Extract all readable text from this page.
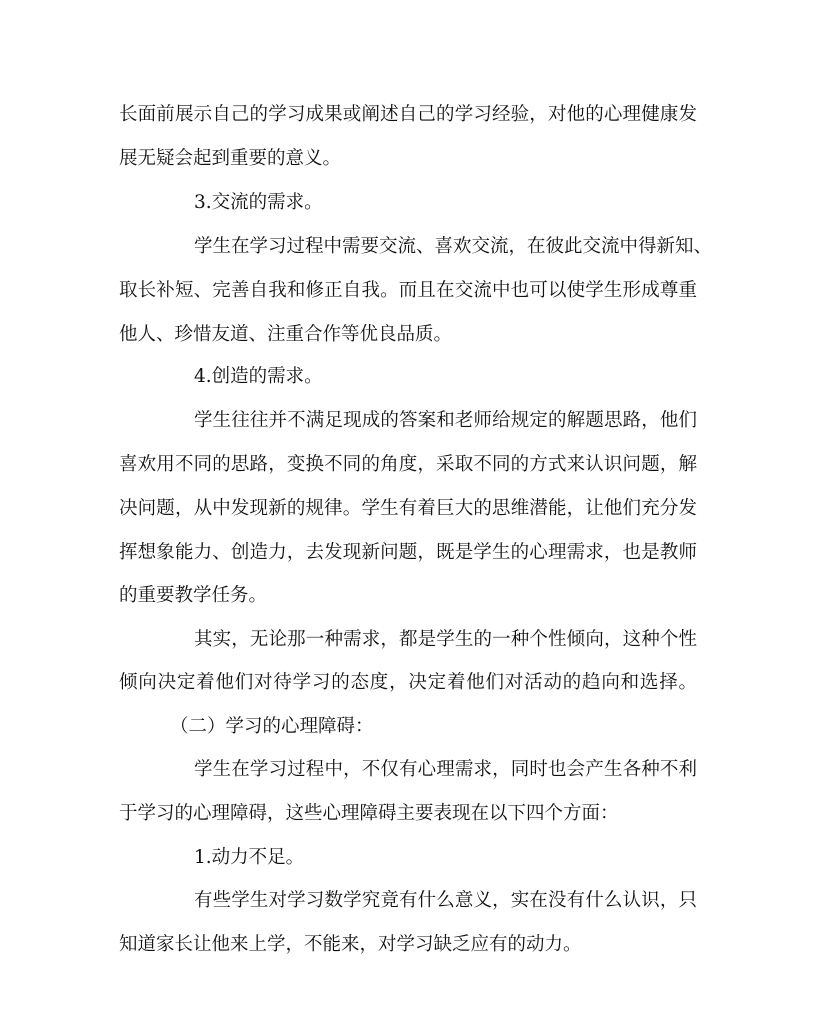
长面前展示自己的学习成果或阐述自己的学习经验，对他的心理健康发
展无疑会起到重要的意义。
3.交流的需求。
学生在学习过程中需要交流、喜欢交流，在彼此交流中得新知、
取长补短、完善自我和修正自我。而且在交流中也可以使学生形成尊重
他人、珍惜友道、注重合作等优良品质。
4.创造的需求。
学生往往并不满足现成的答案和老师给规定的解题思路，他们
喜欢用不同的思路，变换不同的角度，采取不同的方式来认识问题，解
决问题，从中发现新的规律。学生有着巨大的思维潜能，让他们充分发
挥想象能力、创造力，去发现新问题，既是学生的心理需求，也是教师
的重要教学任务。
其实，无论那一种需求，都是学生的一种个性倾向，这种个性
倾向决定着他们对待学习的态度，决定着他们对活动的趋向和选择。
（二）学习的心理障碍：
学生在学习过程中，不仅有心理需求，同时也会产生各种不利
于学习的心理障碍，这些心理障碍主要表现在以下四个方面：
1.动力不足。
有些学生对学习数学究竟有什么意义，实在没有什么认识，只
知道家长让他来上学，不能来，对学习缺乏应有的动力。
